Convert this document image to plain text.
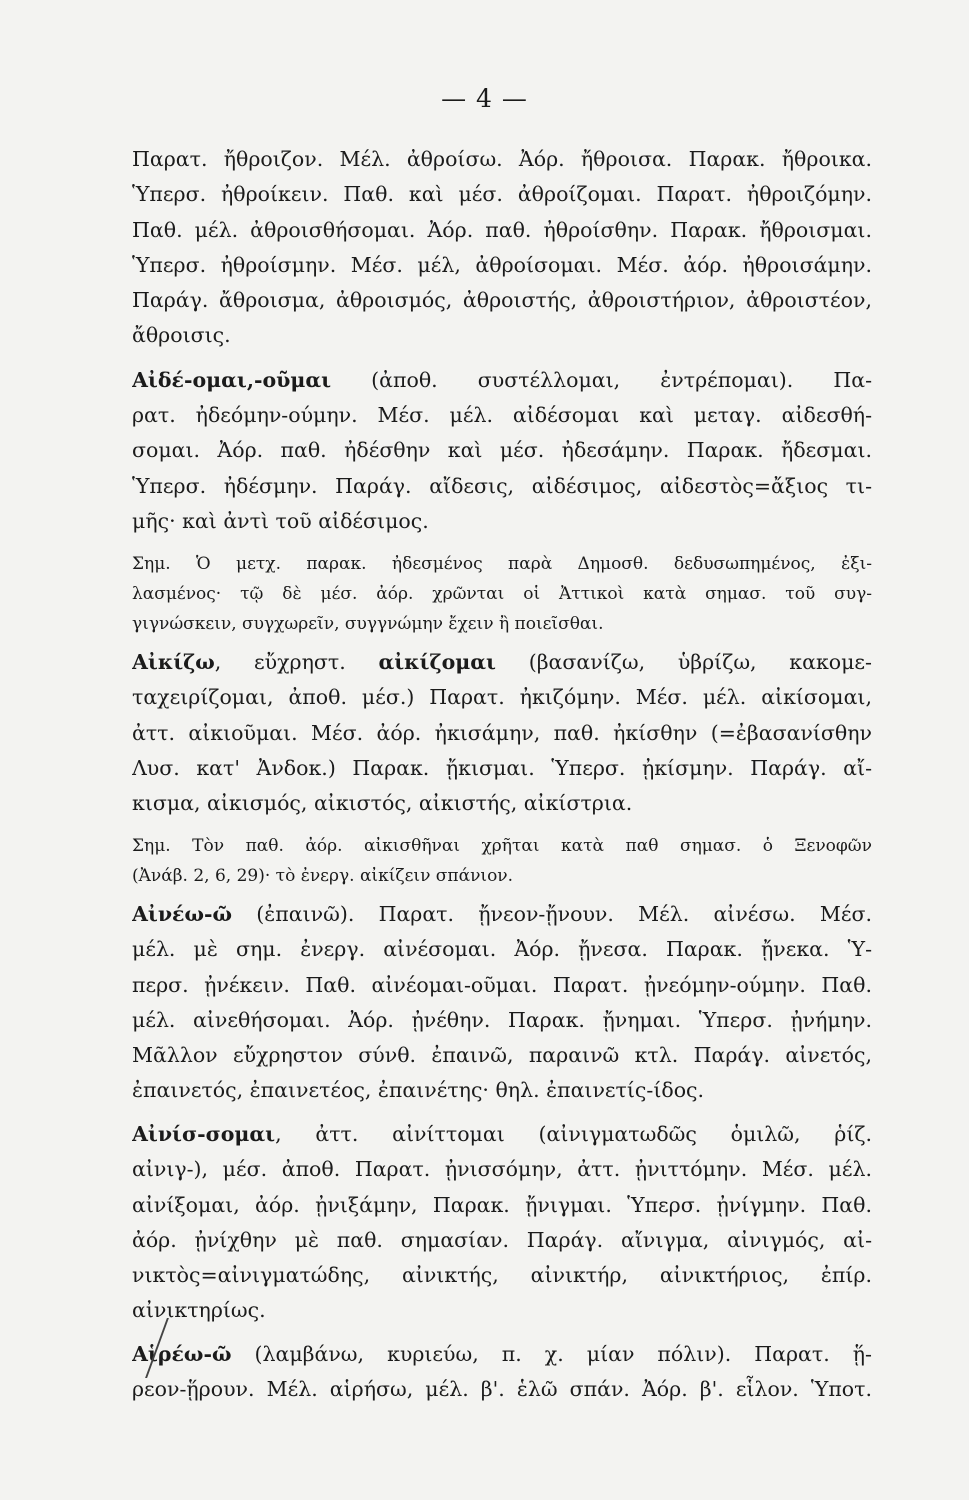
— 4 —
Παρατ. ἤθροιζον. Μέλ. ἀθροίσω. Ἀόρ. ἤθροισα. Παρακ. ἤθροικα.
Ὑπερσ. ἠθροίκειν. Παθ. καὶ μέσ. ἀθροίζομαι. Παρατ. ἠθροιζόμην.
Παθ. μέλ. ἀθροισθήσομαι. Ἀόρ. παθ. ἠθροίσθην. Παρακ. ἤθροισμαι.
Ὑπερσ. ἠθροίσμην. Μέσ. μέλ, ἀθροίσομαι. Μέσ. ἀόρ. ἠθροισάμην.
Παράγ. ἄθροισμα, ἀθροισμός, ἀθροιστής, ἀθροιστήριον, ἀθροιστέον,
ἄθροισις.
Αἰδέ-ομαι,-οῦμαι (ἀποθ. συστέλλομαι, ἐντρέπομαι). Πα-
ρατ. ἠδεόμην-ούμην. Μέσ. μέλ. αἰδέσομαι καὶ μεταγ. αἰδεσθή-
σομαι. Ἀόρ. παθ. ἠδέσθην καὶ μέσ. ἠδεσάμην. Παρακ. ἤδεσμαι.
Ὑπερσ. ἠδέσμην. Παράγ. αἴδεσις, αἰδέσιμος, αἰδεστὸς=ἄξιος τι-
μῆς· καὶ ἀντὶ τοῦ αἰδέσιμος.
Σημ. Ὁ μετχ. παρακ. ἠδεσμένος παρὰ Δημοσθ. δεδυσωπημένος, ἐξι-
λασμένος· τῷ δὲ μέσ. ἀόρ. χρῶνται οἱ Ἀττικοὶ κατὰ σημασ. τοῦ συγ-
γιγνώσκειν, συγχωρεῖν, συγγνώμην ἔχειν ἢ ποιεῖσθαι.
Αἰκίζω, εὔχρηστ. αἰκίζομαι (βασανίζω, ὑβρίζω, κακομε-
ταχειρίζομαι, ἀποθ. μέσ.) Παρατ. ἠκιζόμην. Μέσ. μέλ. αἰκίσομαι,
ἀττ. αἰκιοῦμαι. Μέσ. ἀόρ. ἠκισάμην, παθ. ἠκίσθην (=ἐβασανίσθην
Λυσ. κατ' Ἀνδοκ.) Παρακ. ᾔκισμαι. Ὑπερσ. ᾐκίσμην. Παράγ. αἴ-
κισμα, αἰκισμός, αἰκιστός, αἰκιστής, αἰκίστρια.
Σημ. Τὸν παθ. ἀόρ. αἰκισθῆναι χρῆται κατὰ παθ σημασ. ὁ Ξενοφῶν
(Ἀνάβ. 2, 6, 29)· τὸ ἐνεργ. αἰκίζειν σπάνιον.
Αἰνέω-ῶ (ἐπαινῶ). Παρατ. ᾔνεον-ᾔνουν. Μέλ. αἰνέσω. Μέσ.
μέλ. μὲ σημ. ἐνεργ. αἰνέσομαι. Ἀόρ. ᾔνεσα. Παρακ. ᾔνεκα. Ὑ-
περσ. ᾐνέκειν. Παθ. αἰνέομαι-οῦμαι. Παρατ. ᾐνεόμην-ούμην. Παθ.
μέλ. αἰνεθήσομαι. Ἀόρ. ᾐνέθην. Παρακ. ᾔνημαι. Ὑπερσ. ᾐνήμην.
Μᾶλλον εὔχρηστον σύνθ. ἐπαινῶ, παραινῶ κτλ. Παράγ. αἰνετός,
ἐπαινετός, ἐπαινετέος, ἐπαινέτης· θηλ. ἐπαινετίς-ίδος.
Αἰνίσ-σομαι, ἀττ. αἰνίττομαι (αἰνιγματωδῶς ὁμιλῶ, ῥίζ.
αἰνιγ-), μέσ. ἀποθ. Παρατ. ᾐνισσόμην, ἀττ. ᾐνιττόμην. Μέσ. μέλ.
αἰνίξομαι, ἀόρ. ᾐνιξάμην, Παρακ. ᾔνιγμαι. Ὑπερσ. ᾐνίγμην. Παθ.
ἀόρ. ᾐνίχθην μὲ παθ. σημασίαν. Παράγ. αἴνιγμα, αἰνιγμός, αἰ-
νικτὸς=αἰνιγματώδης, αἰνικτής, αἰνικτήρ, αἰνικτήριος, ἐπίρ.
αἰνικτηρίως.
Αἱρέω-ῶ (λαμβάνω, κυριεύω, π. χ. μίαν πόλιν). Παρατ. ᾕ-
ρεον-ᾕρουν. Μέλ. αἱρήσω, μέλ. β'. ἑλῶ σπάν. Ἀόρ. β'. εἷλον. Ὑποτ.
